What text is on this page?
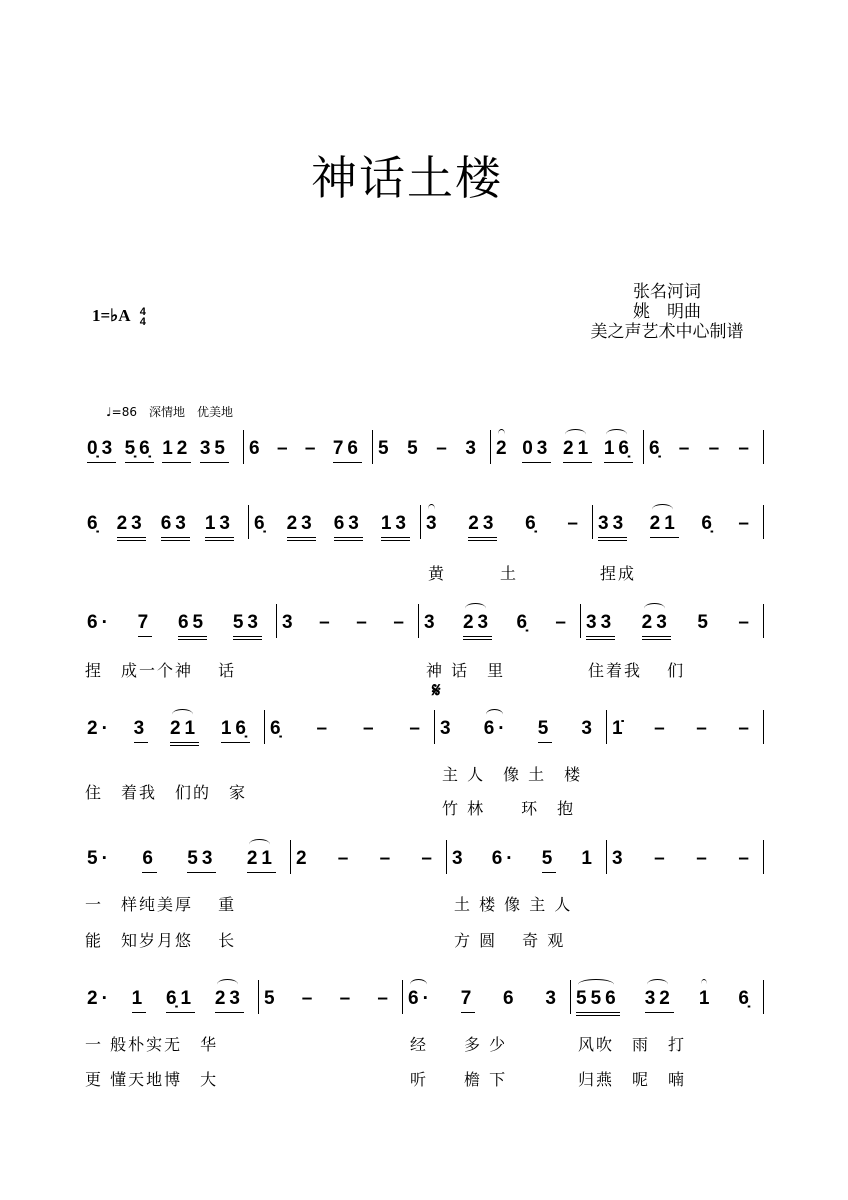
神话土楼
张名河词
姚　明曲
美之声艺术中心制谱
1=♭A 4
4
♩=86　深情地　优美地
0̣3 5̣6̣ 12 35 6 – – 76 5 5 – 3 2 03 21 16̣ 6̣ – – –
6̣ 23 63 13 6̣ 23 63 13 3 23 6̣ –
黄　　　土
33 21 6̣ –
捏成
6· 7 65 53
捏　成一个神　 话
3 – – – 3 23 6̣ –
神 话　里
33 23 5 –
住着我　 们
2· 3 21 16̣
住　着我　们的　家
6̣ – – – 3 6· 5 3
𝄋
主 人　像 土　楼
竹 林　　环　抱
1̇ – – –
5· 6 53 21
一　样纯美厚　 重
能　知岁月悠　 长
2 – – – 3 6· 5 1
土 楼 像 主 人
方 圆　 奇 观
3 – – –
2· 1 6̣1 23
一 般朴实无　华
更 懂天地博　大
5 – – – 6· 7 6 3
经　　多 少
听　　檐 下
556 32 1 6̣
风吹　雨　打
归燕　呢　喃
